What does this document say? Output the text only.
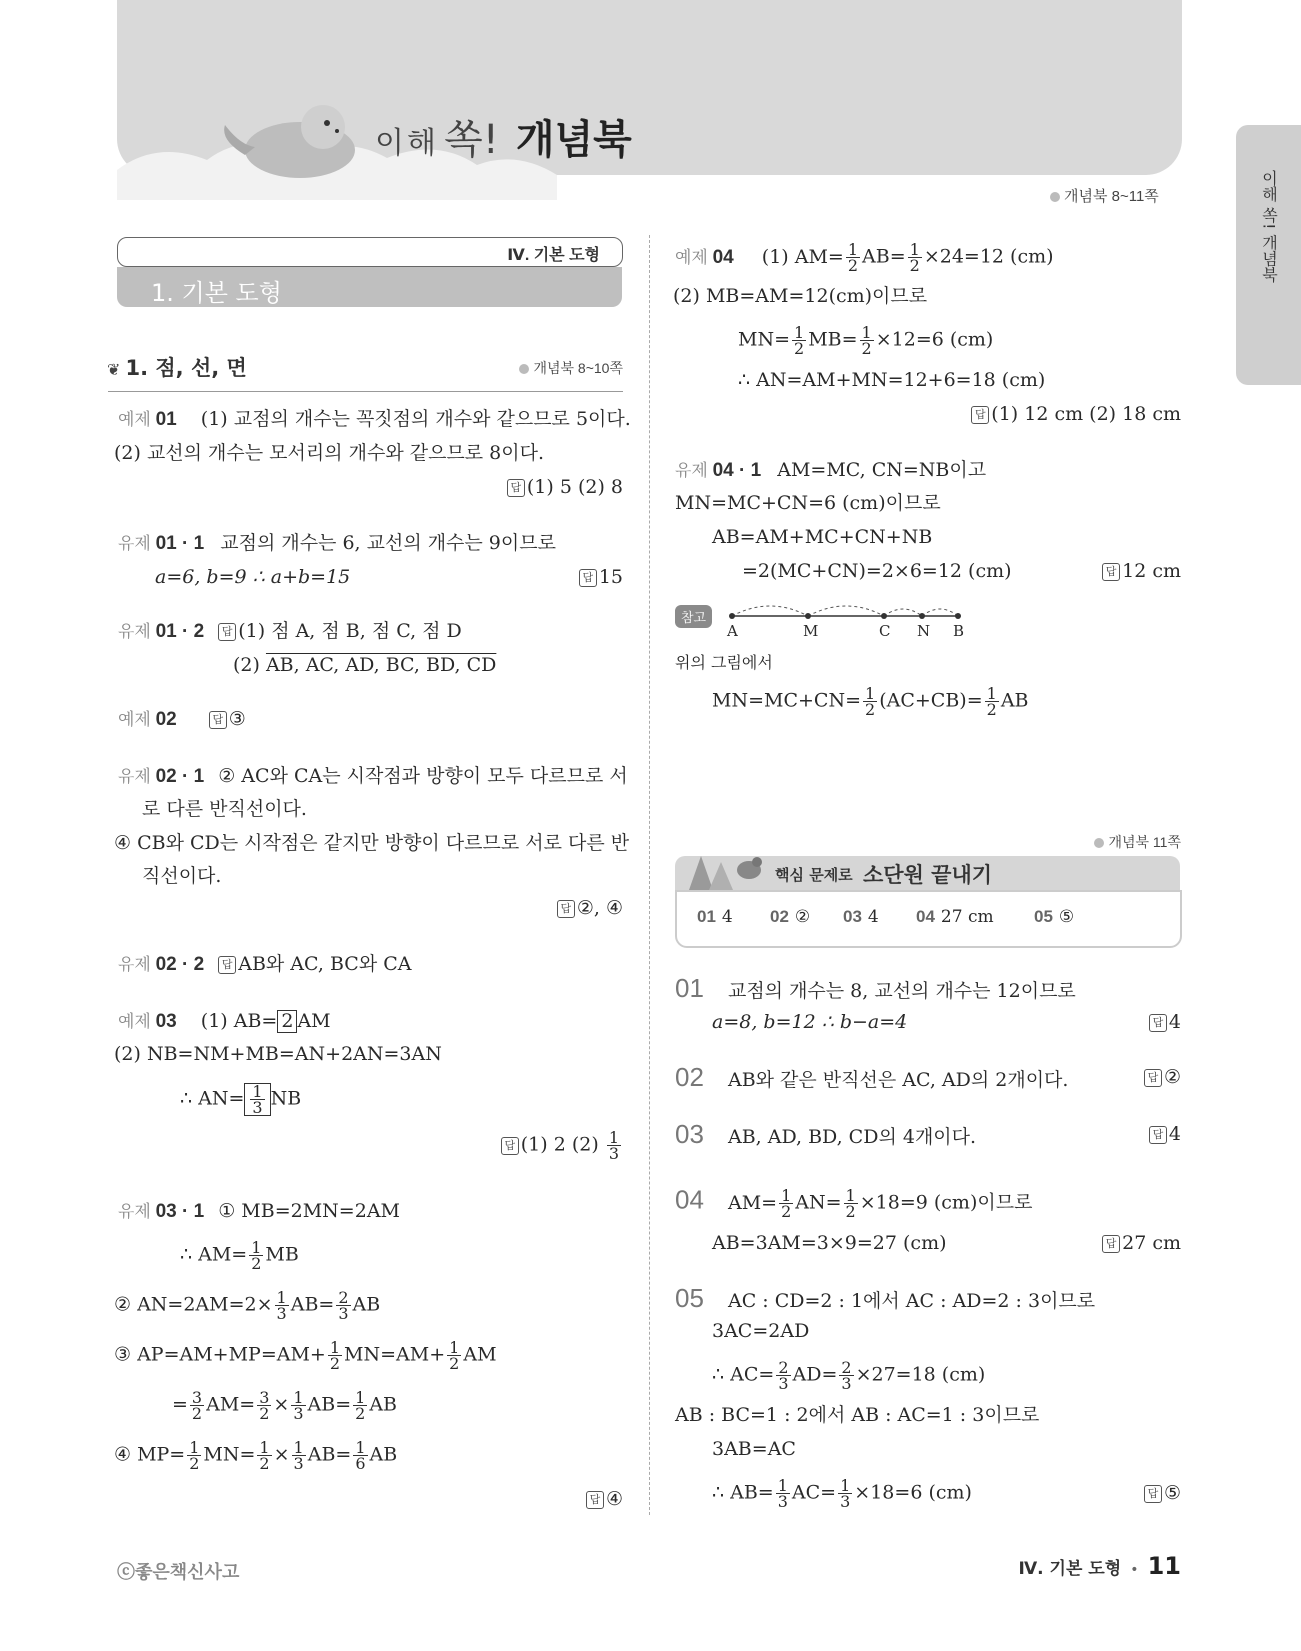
이해 쏙! 개념북
개념북 8~11쪽	이해 쏙! 개념북
Ⅳ. 기본 도형
1. 기본 도형
❦ 1. 점, 선, 면	개념북 8~10쪽
예제 01 (1) 교점의 개수는 꼭짓점의 개수와 같으므로 5이다.
(2) 교선의 개수는 모서리의 개수와 같으므로 8이다.
답 (1) 5 (2) 8
유제 01 · 1 교점의 개수는 6, 교선의 개수는 9이므로
a=6, b=9 ∴ a+b=15	답 15
유제 01 · 2 답 (1) 점 A, 점 B, 점 C, 점 D
(2) AB, AC, AD, BC, BD, CD
예제 02	답 ③
유제 02 · 1 ② AC와 CA는 시작점과 방향이 모두 다르므로 서
로 다른 반직선이다.
④ CB와 CD는 시작점은 같지만 방향이 다르므로 서로 다른 반
직선이다.
답 ②, ④
유제 02 · 2 답 AB와 AC, BC와 CA
예제 03 (1) AB= 2 AM
(2) NB=NM+MB=AN+2AN=3AN
∴ $AN= \frac{1}{3}$ NB
답 (1) 2 $(2) \frac{1}{3}$
유제 03 · 1 ① MB=2MN=2AM
∴ $AM= \frac{1}{2}$ MB
② $AN=2AM=2\times \frac{1}{3} AB= \frac{2}{3}$ AB
③ $AP=AM+MP=AM+ \frac{1}{2} MN=AM+ \frac{1}{2}$ AM
= $\frac{3}{2} AM= \frac{3}{2} \times \frac{1}{3} AB= \frac{1}{2}$ AB
④ $MP= \frac{1}{2} MN= \frac{1}{2} \times \frac{1}{3} AB= \frac{1}{6}$ AB
답 ④
예제 04 (1) $AM= \frac{1}{2} AB= \frac{1}{2} \times 24=12$ (cm)
(2) MB=AM=12(cm)이므로
$MN= \frac{1}{2} MB= \frac{1}{2} \times 12=6$ (cm)
∴ AN=AM+MN=12+6=18 (cm)
답 (1) 12 cm (2) 18 cm
유제 04 · 1 AM=MC, CN=NB이고
MN=MC+CN=6 (cm)이므로
AB=AM+MC+CN+NB
=2(MC+CN)=2×6=12 (cm)	답 12 cm
참고
A	M	C N B
위의 그림에서
$MN=MC+CN= \frac{1}{2} (AC+CB)= \frac{1}{2}$ AB
개념북 11쪽
핵심 문제로 소단원 끝내기
01 4 02 ② 03 4 04 27 cm 05 ⑤
01 교점의 개수는 8, 교선의 개수는 12이므로
a=8, b=12 ∴ b−a=4	답 4
02 AB와 같은 반직선은 AC, AD의 2개이다.	답 ②
03 AB, AD, BD, CD의 4개이다.	답 4
04 $AM= \frac{1}{2} AN= \frac{1}{2} \times 18=9$ (cm)이므로
AB=3AM=3×9=27 (cm)	답 27 cm
05 AC : CD=2 : 1에서 AC : AD=2 : 3이므로
3AC=2AD
∴ $AC= \frac{2}{3} AD= \frac{2}{3} \times 27=18$ (cm)
AB : BC=1 : 2에서 AB : AC=1 : 3이므로
3AB=AC
∴ $AB= \frac{1}{3} AC= \frac{1}{3} \times 18=6$ (cm)	답 ⑤
ⓒ좋은책신사고	Ⅳ. 기본 도형 • 11
